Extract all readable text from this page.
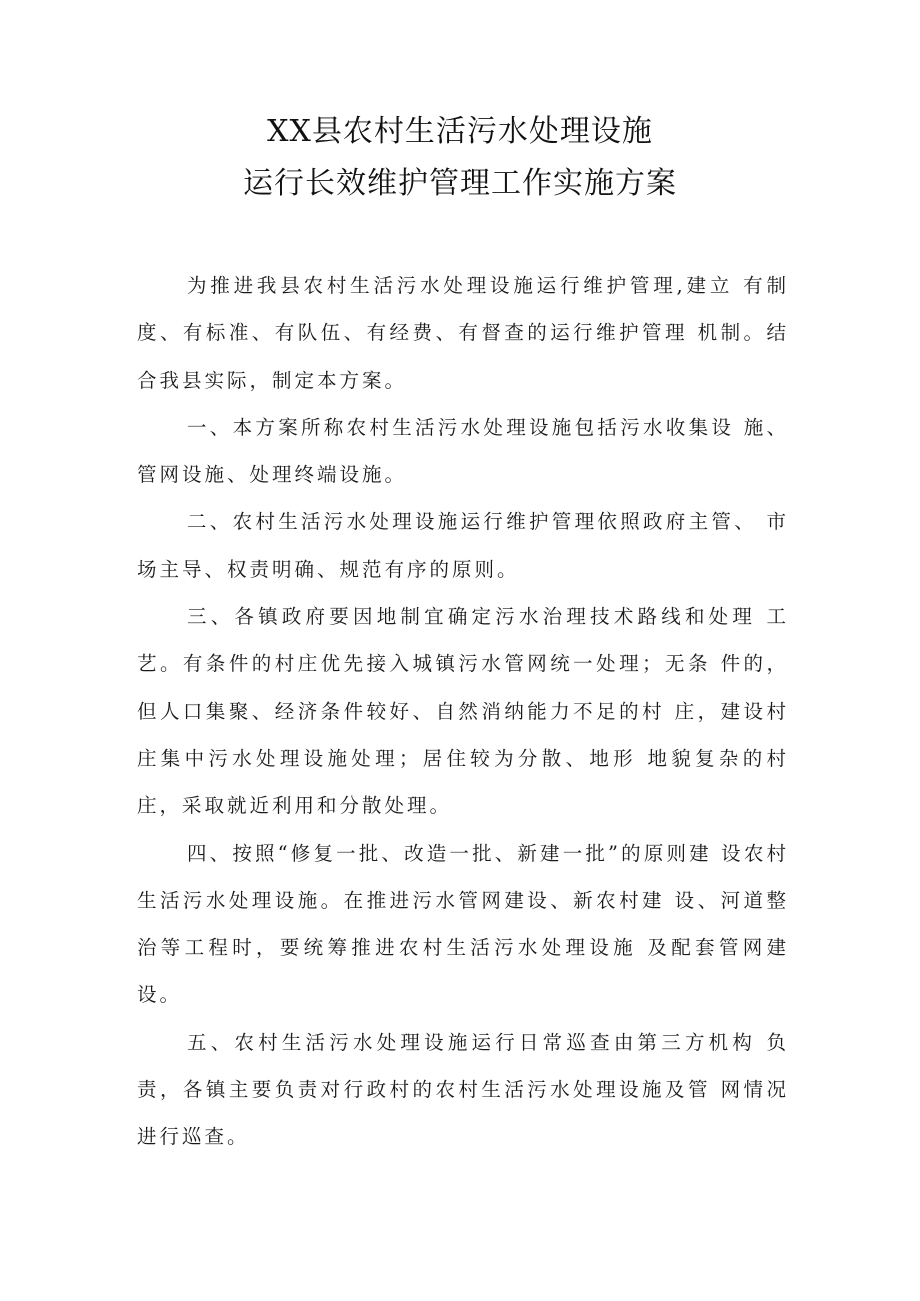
XX县农村生活污水处理设施
运行长效维护管理工作实施方案

为推进我县农村生活污水处理设施运行维护管理,建立 有制度、有标准、有队伍、有经费、有督查的运行维护管理 机制。结合我县实际，制定本方案。

一、本方案所称农村生活污水处理设施包括污水收集设 施、管网设施、处理终端设施。

二、农村生活污水处理设施运行维护管理依照政府主管、 市场主导、权责明确、规范有序的原则。

三、各镇政府要因地制宜确定污水治理技术路线和处理 工艺。有条件的村庄优先接入城镇污水管网统一处理；无条 件的，但人口集聚、经济条件较好、自然消纳能力不足的村 庄，建设村庄集中污水处理设施处理；居住较为分散、地形 地貌复杂的村庄，采取就近利用和分散处理。

四、按照“修复一批、改造一批、新建一批”的原则建 设农村生活污水处理设施。在推进污水管网建设、新农村建 设、河道整治等工程时，要统筹推进农村生活污水处理设施 及配套管网建设。

五、农村生活污水处理设施运行日常巡查由第三方机构 负责，各镇主要负责对行政村的农村生活污水处理设施及管 网情况进行巡查。
